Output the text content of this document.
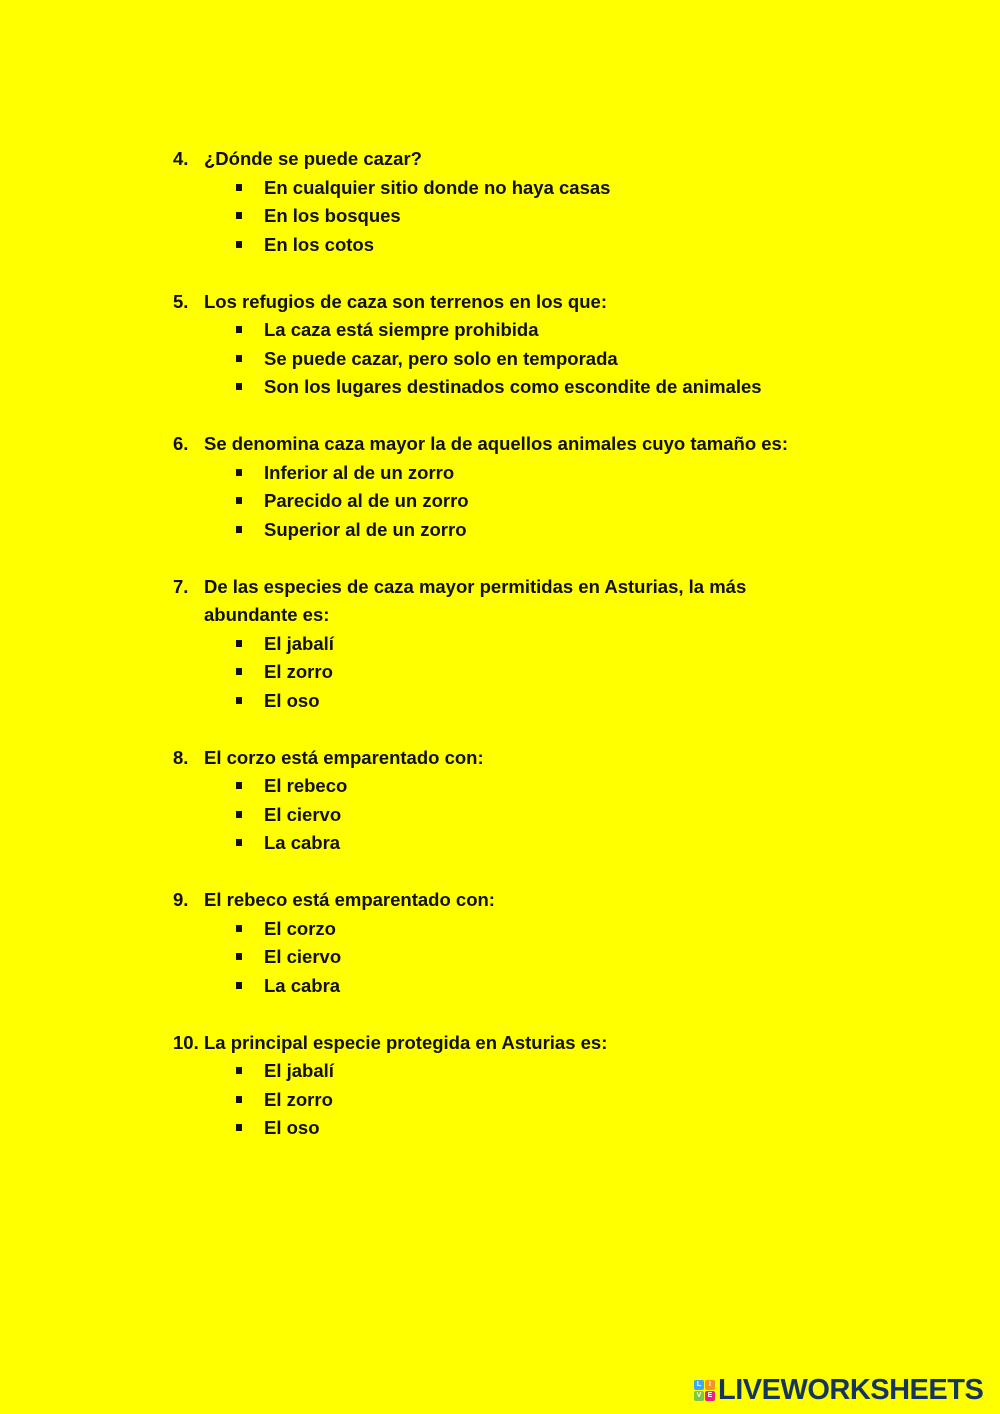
4. ¿Dónde se puede cazar?
En cualquier sitio donde no haya casas
En los bosques
En los cotos
5. Los refugios de caza son terrenos en los que:
La caza está siempre prohibida
Se puede cazar, pero solo en temporada
Son los lugares destinados como escondite de animales
6. Se denomina caza mayor la de aquellos animales cuyo tamaño es:
Inferior al de un zorro
Parecido al de un zorro
Superior al de un zorro
7. De las especies de caza mayor permitidas en Asturias, la más abundante es:
El jabalí
El zorro
El oso
8. El corzo está emparentado con:
El rebeco
El ciervo
La cabra
9. El rebeco está emparentado con:
El corzo
El ciervo
La cabra
10. La principal especie protegida en Asturias es:
El jabalí
El zorro
El oso
L	I
V E LIVEWORKSHEETS
